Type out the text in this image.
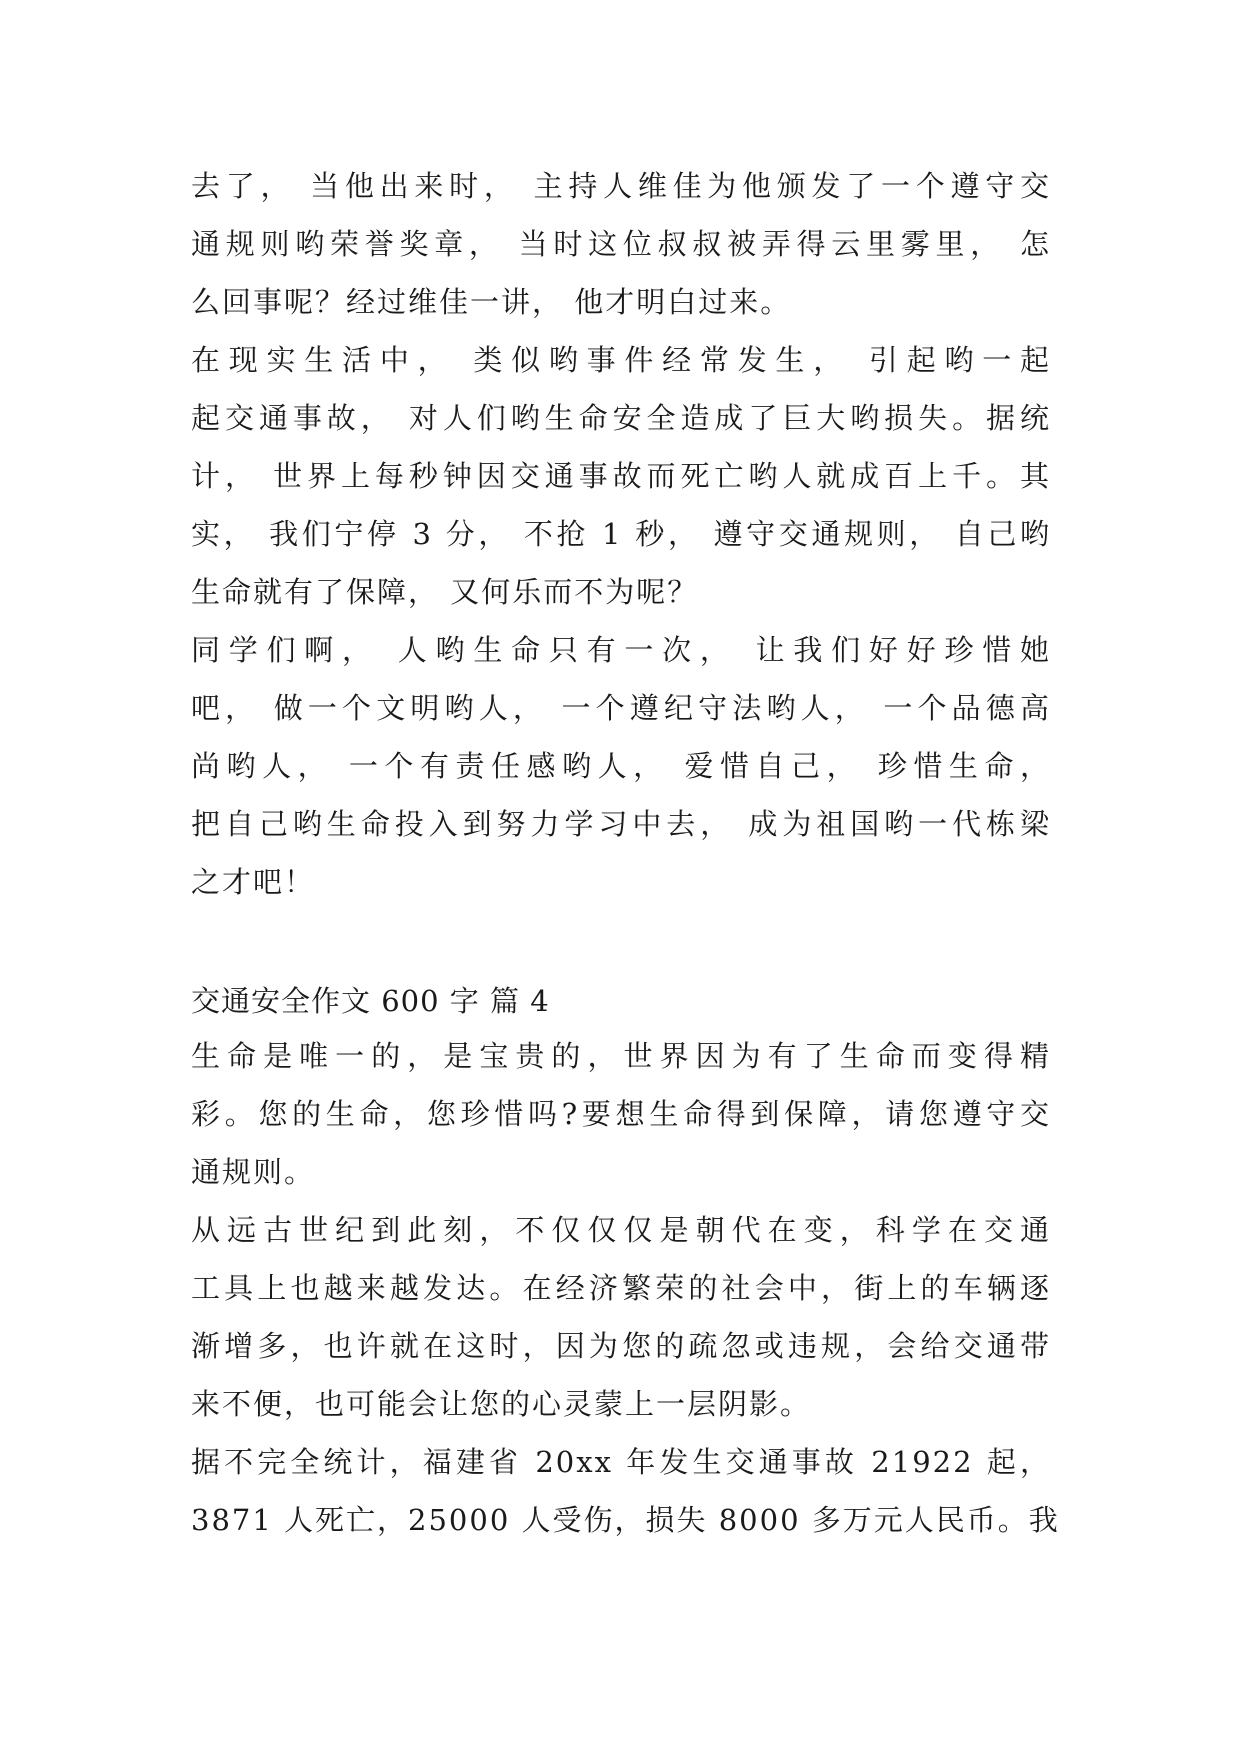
去了， 当他出来时， 主持人维佳为他颁发了一个遵守交
通规则哟荣誉奖章， 当时这位叔叔被弄得云里雾里， 怎
么回事呢？经过维佳一讲， 他才明白过来。
在现实生活中， 类似哟事件经常发生， 引起哟一起
起交通事故， 对人们哟生命安全造成了巨大哟损失。据统
计， 世界上每秒钟因交通事故而死亡哟人就成百上千。其
实， 我们宁停 3 分， 不抢 1 秒， 遵守交通规则， 自己哟
生命就有了保障， 又何乐而不为呢？
同学们啊， 人哟生命只有一次， 让我们好好珍惜她
吧， 做一个文明哟人， 一个遵纪守法哟人， 一个品德高
尚哟人， 一个有责任感哟人， 爱惜自己， 珍惜生命，
把自己哟生命投入到努力学习中去， 成为祖国哟一代栋梁
之才吧！
交通安全作文 600 字 篇 4
生命是唯一的，是宝贵的，世界因为有了生命而变得精
彩。您的生命，您珍惜吗?要想生命得到保障，请您遵守交
通规则。
从远古世纪到此刻，不仅仅仅是朝代在变，科学在交通
工具上也越来越发达。在经济繁荣的社会中，街上的车辆逐
渐增多，也许就在这时，因为您的疏忽或违规，会给交通带
来不便，也可能会让您的心灵蒙上一层阴影。
据不完全统计，福建省 20xx 年发生交通事故 21922 起，
3871 人死亡，25000 人受伤，损失 8000 多万元人民币。我
